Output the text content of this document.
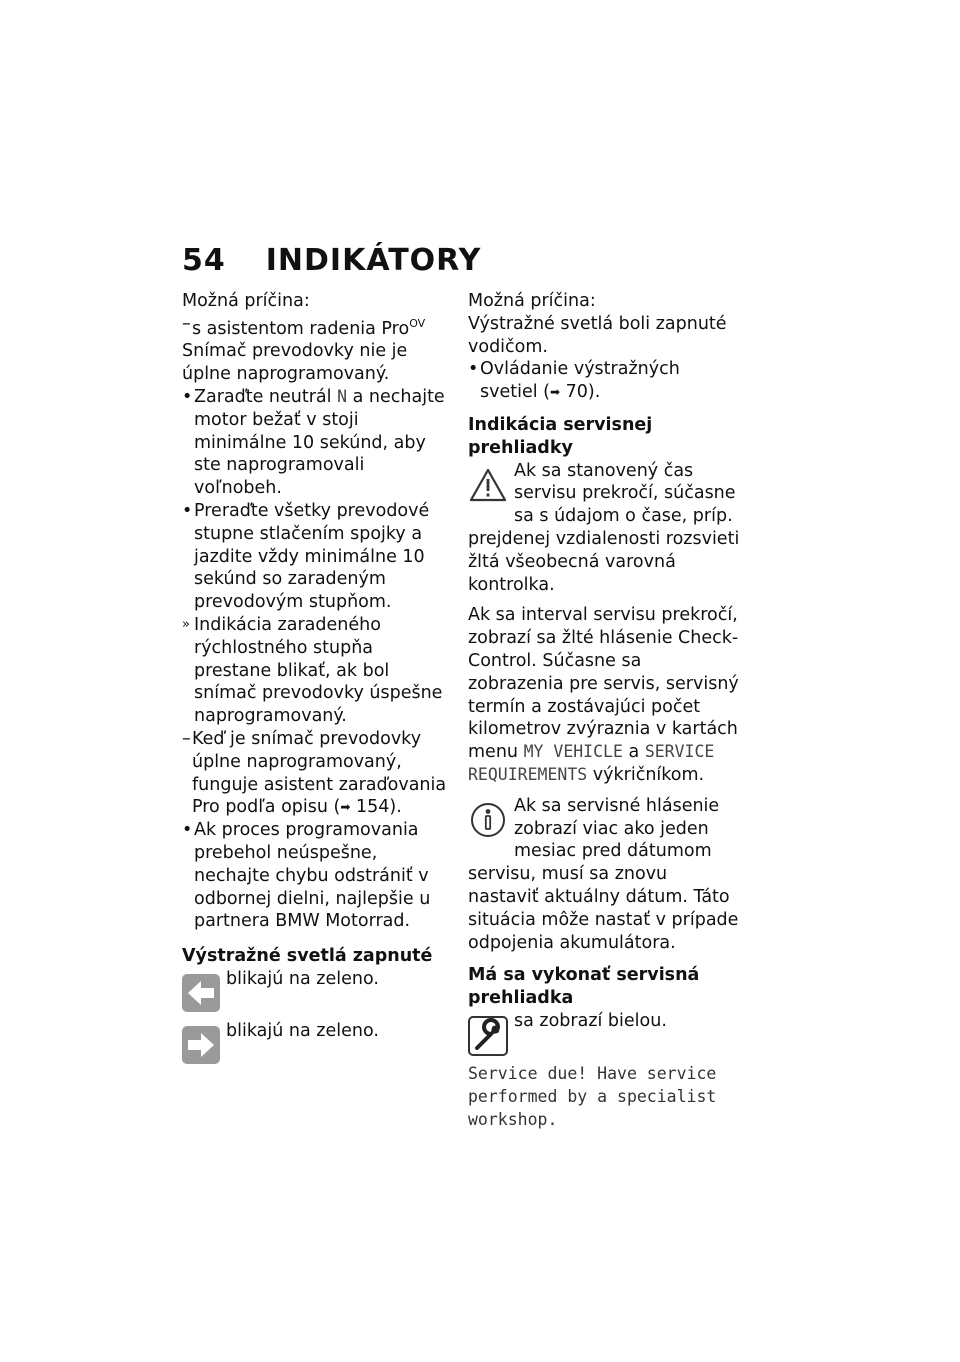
54 INDIKÁTORY

Možná príčina:

– s asistentom radenia Pro$^{OV}$

Snímač prevodovky nie je úplne naprogramovaný.

• Zaraďte neutrál N a nechajte motor bežať v stoji minimálne 10 sekúnd, aby ste naprogramovali voľnobeh.

• Preraďte všetky prevodové stupne stlačením spojky a jazdite vždy minimálne 10 sekúnd so zaradeným prevodovým stupňom.

» Indikácia zaradeného rýchlostného stupňa prestane blikať, ak bol snímač prevodovky úspešne naprogramovaný.

– Keď je snímač prevodovky úplne naprogramovaný, funguje asistent zaraďovania Pro podľa opisu (➡ 154).

• Ak proces programovania prebehol neúspešne, nechajte chybu odstrániť v odbornej dielni, najlepšie u partnera BMW Motorrad.

Výstražné svetlá zapnuté

blikajú na zeleno.
blikajú na zeleno.

Možná príčina:

Výstražné svetlá boli zapnuté vodičom.

• Ovládanie výstražných svetiel (➡ 70).

Indikácia servisnej prehliadky

Ak sa stanovený čas servisu prekročí, súčasne sa s údajom o čase, príp. prejdenej vzdialenosti rozsvieti žltá všeobecná varovná kontrolka.

Ak sa interval servisu prekročí, zobrazí sa žlté hlásenie Check-Control. Súčasne sa zobrazenia pre servis, servisný termín a zostávajúci počet kilometrov zvýraznia v kartách menu MY VEHICLE a SERVICE REQUIREMENTS výkričníkom.

Ak sa servisné hlásenie zobrazí viac ako jeden mesiac pred dátumom servisu, musí sa znovu nastaviť aktuálny dátum. Táto situácia môže nastať v prípade odpojenia akumulátora.

Má sa vykonať servisná prehliadka

sa zobrazí bielou.

Service due! Have service performed by a specialist workshop.
